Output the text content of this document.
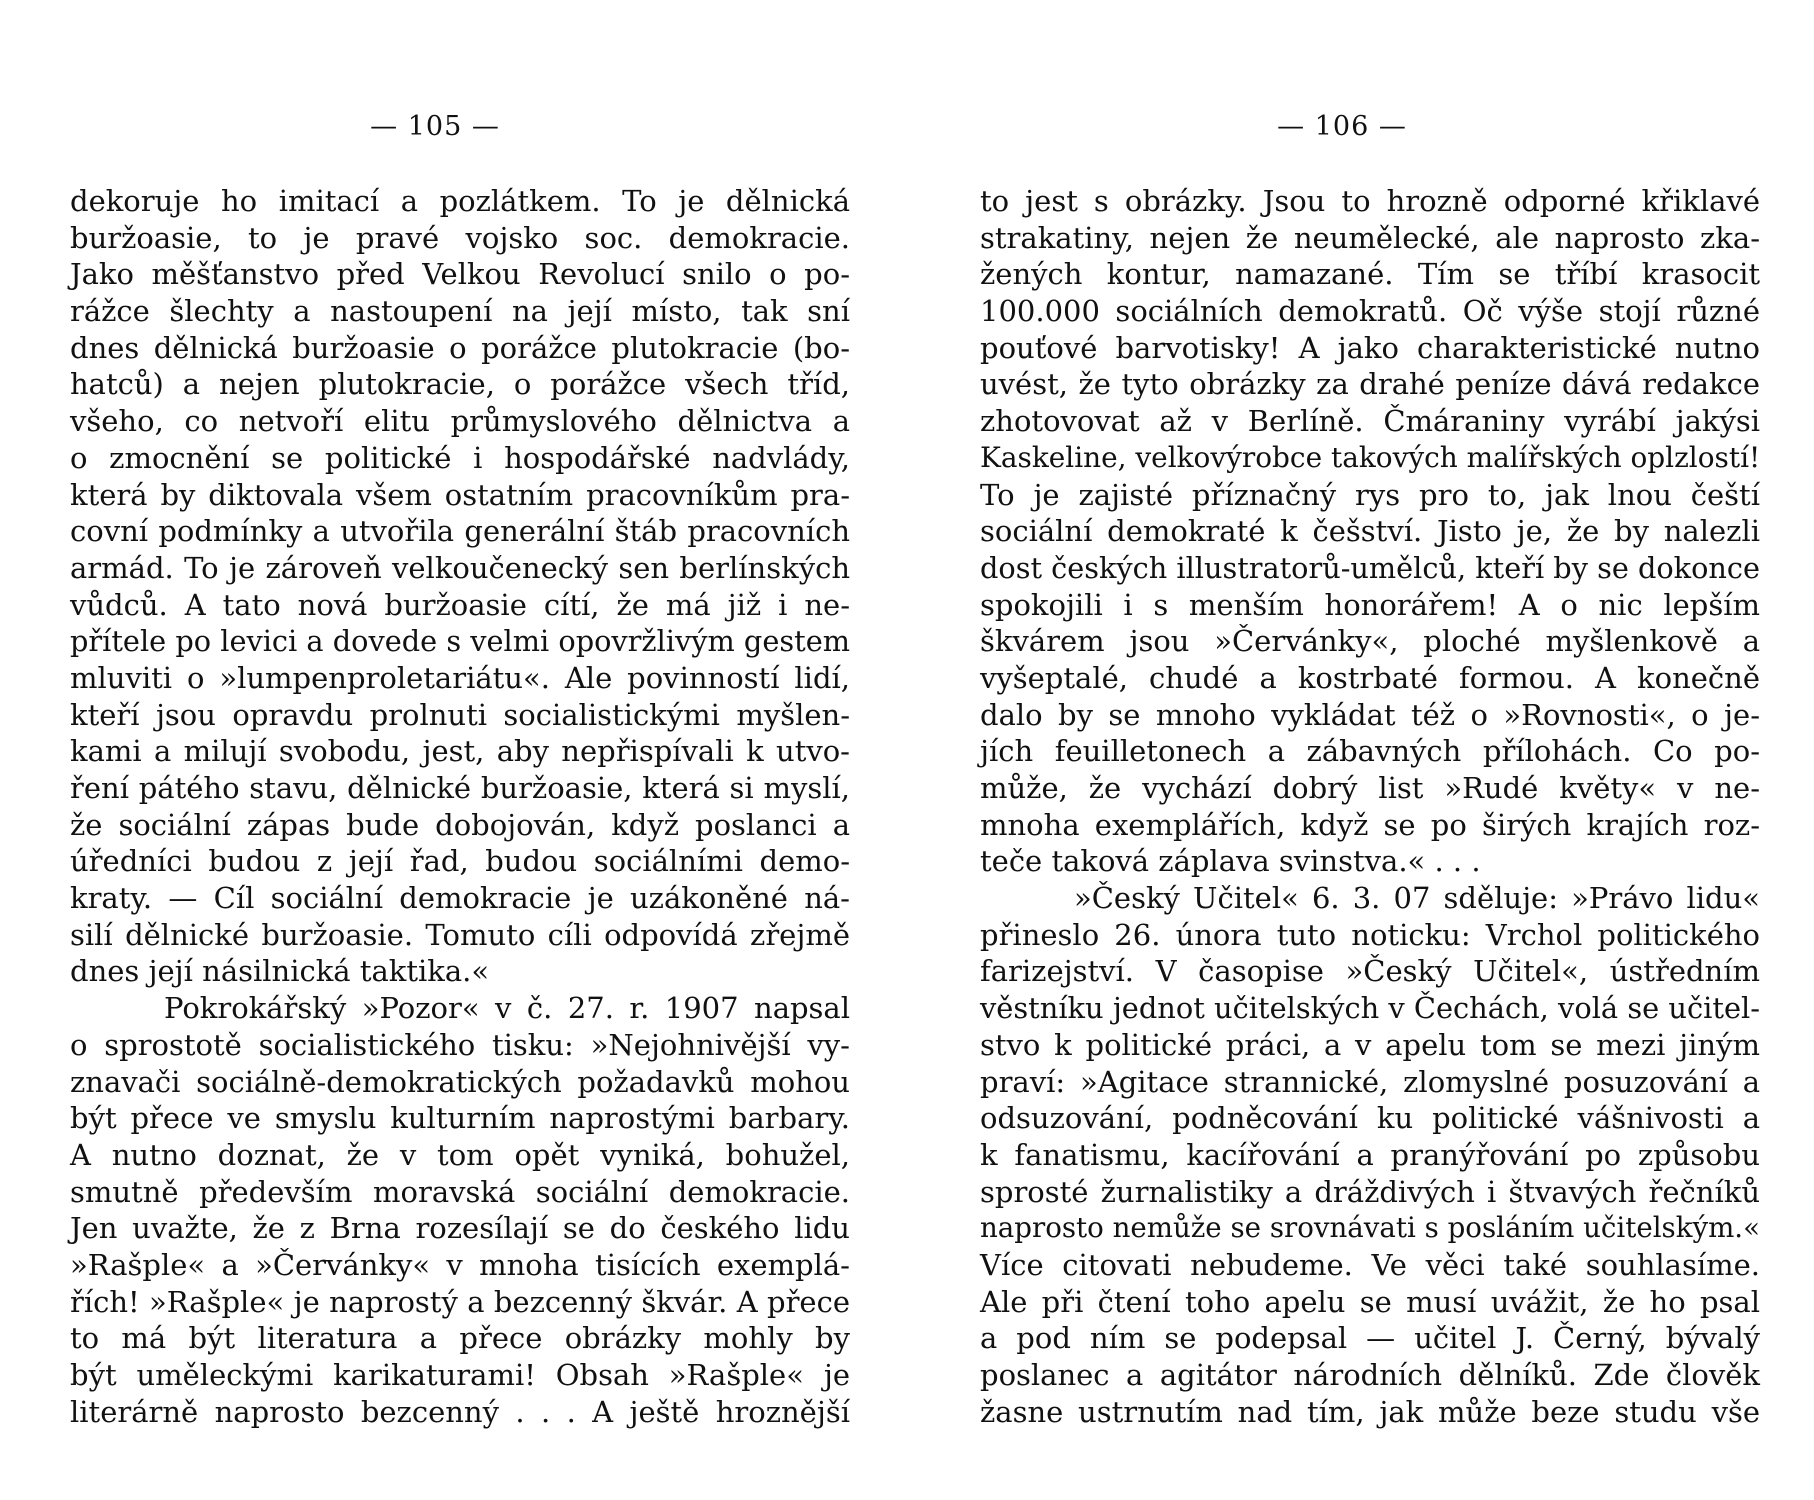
— 105 —
dekoruje ho imitací a pozlátkem. To je dělnická
buržoasie, to je pravé vojsko soc. demokracie.
Jako měšťanstvo před Velkou Revolucí snilo o po-
rážce šlechty a nastoupení na její místo, tak sní
dnes dělnická buržoasie o porážce plutokracie (bo-
hatců) a nejen plutokracie, o porážce všech tříd,
všeho, co netvoří elitu průmyslového dělnictva a
o zmocnění se politické i hospodářské nadvlády,
která by diktovala všem ostatním pracovníkům pra-
covní podmínky a utvořila generální štáb pracovních
armád. To je zároveň velkoučenecký sen berlínských
vůdců. A tato nová buržoasie cítí, že má již i ne-
přítele po levici a dovede s velmi opovržlivým gestem
mluviti o »lumpenproletariátu«. Ale povinností lidí,
kteří jsou opravdu prolnuti socialistickými myšlen-
kami a milují svobodu, jest, aby nepřispívali k utvo-
ření pátého stavu, dělnické buržoasie, která si myslí,
že sociální zápas bude dobojován, když poslanci a
úředníci budou z její řad, budou sociálními demo-
kraty. — Cíl sociální demokracie je uzákoněné ná-
silí dělnické buržoasie. Tomuto cíli odpovídá zřejmě
dnes její násilnická taktika.«
Pokrokářský »Pozor« v č. 27. r. 1907 napsal
o sprostotě socialistického tisku: »Nejohnivější vy-
znavači sociálně-demokratických požadavků mohou
být přece ve smyslu kulturním naprostými barbary.
A nutno doznat, že v tom opět vyniká, bohužel,
smutně především moravská sociální demokracie.
Jen uvažte, že z Brna rozesílají se do českého lidu
»Rašple« a »Červánky« v mnoha tisících exemplá-
řích! »Rašple« je naprostý a bezcenný škvár. A přece
to má být literatura a přece obrázky mohly by
být uměleckými karikaturami! Obsah »Rašple« je
literárně naprosto bezcenný . . . A ještě hroznější
— 106 —
to jest s obrázky. Jsou to hrozně odporné křiklavé
strakatiny, nejen že neumělecké, ale naprosto zka-
žených kontur, namazané. Tím se tříbí krasocit
100.000 sociálních demokratů. Oč výše stojí různé
pouťové barvotisky! A jako charakteristické nutno
uvést, že tyto obrázky za drahé peníze dává redakce
zhotovovat až v Berlíně. Čmáraniny vyrábí jakýsi
Kaskeline, velkovýrobce takových malířských oplzlostí!
To je zajisté příznačný rys pro to, jak lnou čeští
sociální demokraté k češství. Jisto je, že by nalezli
dost českých illustratorů-umělců, kteří by se dokonce
spokojili i s menším honorářem! A o nic lepším
škvárem jsou »Červánky«, ploché myšlenkově a
vyšeptalé, chudé a kostrbaté formou. A konečně
dalo by se mnoho vykládat též o »Rovnosti«, o je-
jích feuilletonech a zábavných přílohách. Co po-
může, že vychází dobrý list »Rudé květy« v ne-
mnoha exemplářích, když se po širých krajích roz-
teče taková záplava svinstva.« . . .
»Český Učitel« 6. 3. 07 sděluje: »Právo lidu«
přineslo 26. února tuto noticku: Vrchol politického
farizejství. V časopise »Český Učitel«, ústředním
věstníku jednot učitelských v Čechách, volá se učitel-
stvo k politické práci, a v apelu tom se mezi jiným
praví: »Agitace strannické, zlomyslné posuzování a
odsuzování, podněcování ku politické vášnivosti a
k fanatismu, kacířování a pranýřování po způsobu
sprosté žurnalistiky a dráždivých i štvavých řečníků
naprosto nemůže se srovnávati s posláním učitelským.«
Více citovati nebudeme. Ve věci také souhlasíme.
Ale při čtení toho apelu se musí uvážit, že ho psal
a pod ním se podepsal — učitel J. Černý, bývalý
poslanec a agitátor národních dělníků. Zde člověk
žasne ustrnutím nad tím, jak může beze studu vše
